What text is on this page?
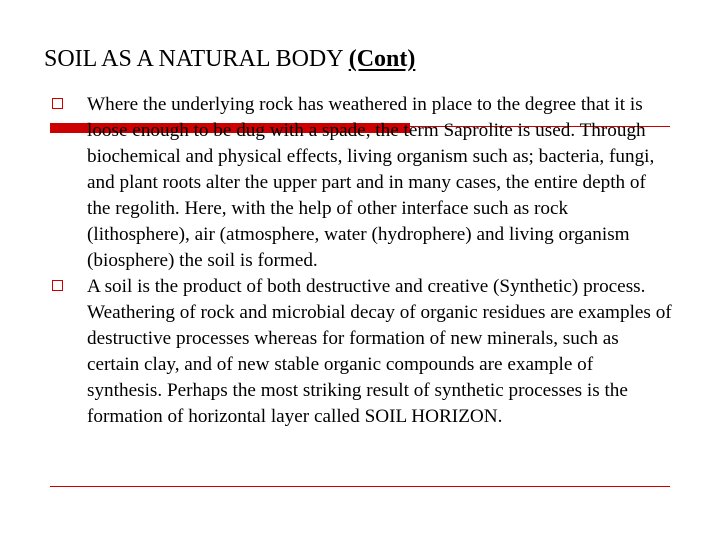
SOIL AS A NATURAL BODY (Cont)

Where the underlying rock has weathered in place to the degree that it is loose enough to be dug with a spade, the term Saprolite is used. Through biochemical and physical effects, living organism such as; bacteria, fungi, and plant roots alter the upper part and in many cases, the entire depth of the regolith. Here, with the help of other interface such as rock (lithosphere), air (atmosphere, water (hydrophere) and living organism (biosphere) the soil is formed.

A soil is the product of both destructive and creative (Synthetic) process. Weathering of rock and microbial decay of organic residues are examples of destructive processes whereas for formation of new minerals, such as certain clay, and of new stable organic compounds are example of synthesis. Perhaps the most striking result of synthetic processes is the formation of horizontal layer called SOIL HORIZON.
